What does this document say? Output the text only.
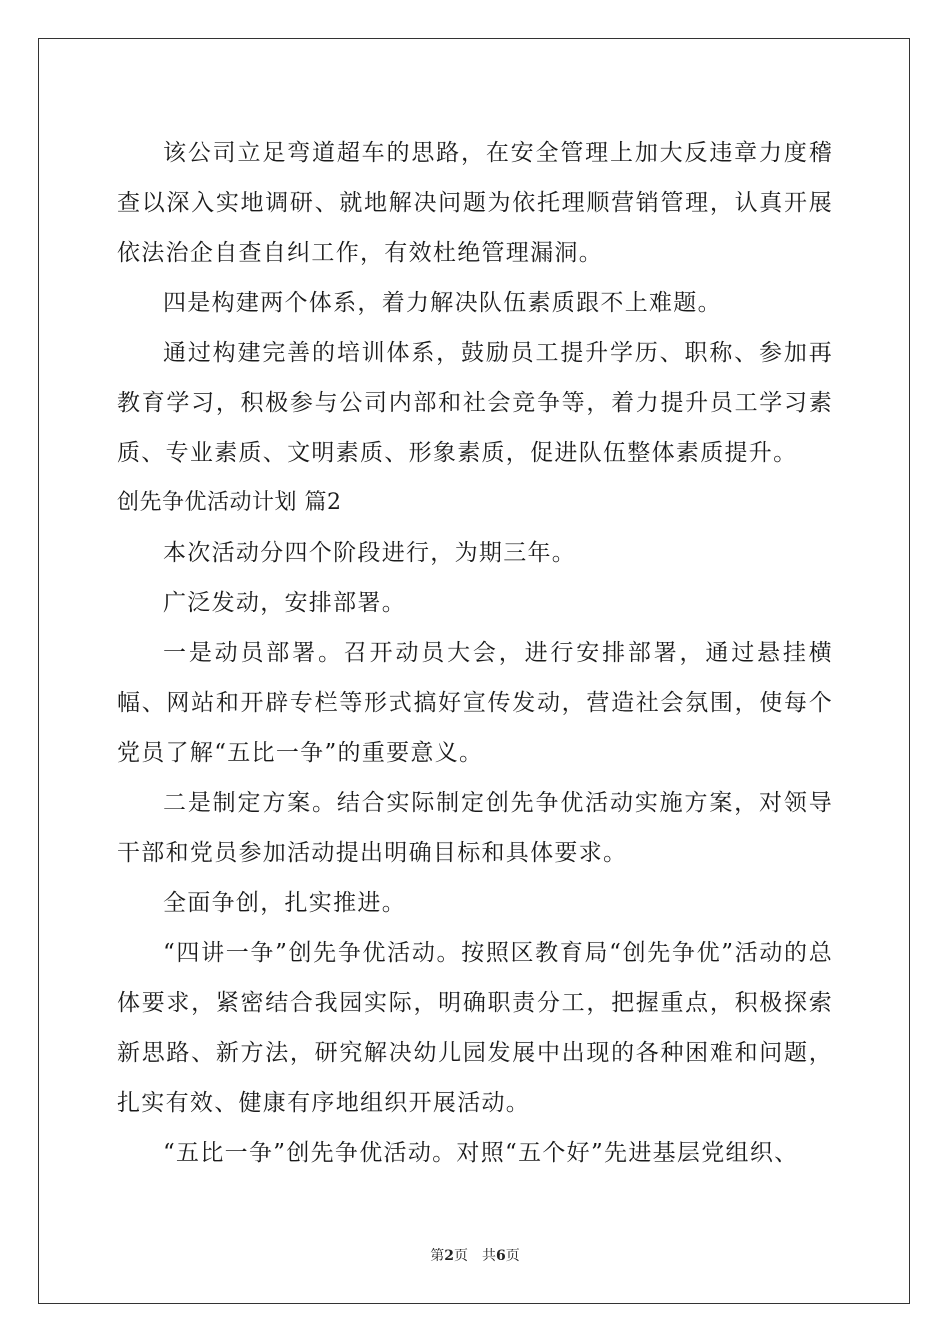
该公司立足弯道超车的思路，在安全管理上加大反违章力度稽查以深入实地调研、就地解决问题为依托理顺营销管理，认真开展依法治企自查自纠工作，有效杜绝管理漏洞。

四是构建两个体系，着力解决队伍素质跟不上难题。

通过构建完善的培训体系，鼓励员工提升学历、职称、参加再教育学习，积极参与公司内部和社会竞争等，着力提升员工学习素质、专业素质、文明素质、形象素质，促进队伍整体素质提升。

创先争优活动计划 篇2

本次活动分四个阶段进行，为期三年。

广泛发动，安排部署。

一是动员部署。召开动员大会，进行安排部署，通过悬挂横幅、网站和开辟专栏等形式搞好宣传发动，营造社会氛围，使每个党员了解“五比一争”的重要意义。

二是制定方案。结合实际制定创先争优活动实施方案，对领导干部和党员参加活动提出明确目标和具体要求。

全面争创，扎实推进。

“四讲一争”创先争优活动。按照区教育局“创先争优”活动的总体要求，紧密结合我园实际，明确职责分工，把握重点，积极探索新思路、新方法，研究解决幼儿园发展中出现的各种困难和问题，扎实有效、健康有序地组织开展活动。

“五比一争”创先争优活动。对照“五个好”先进基层党组织、

第2页 共6页
